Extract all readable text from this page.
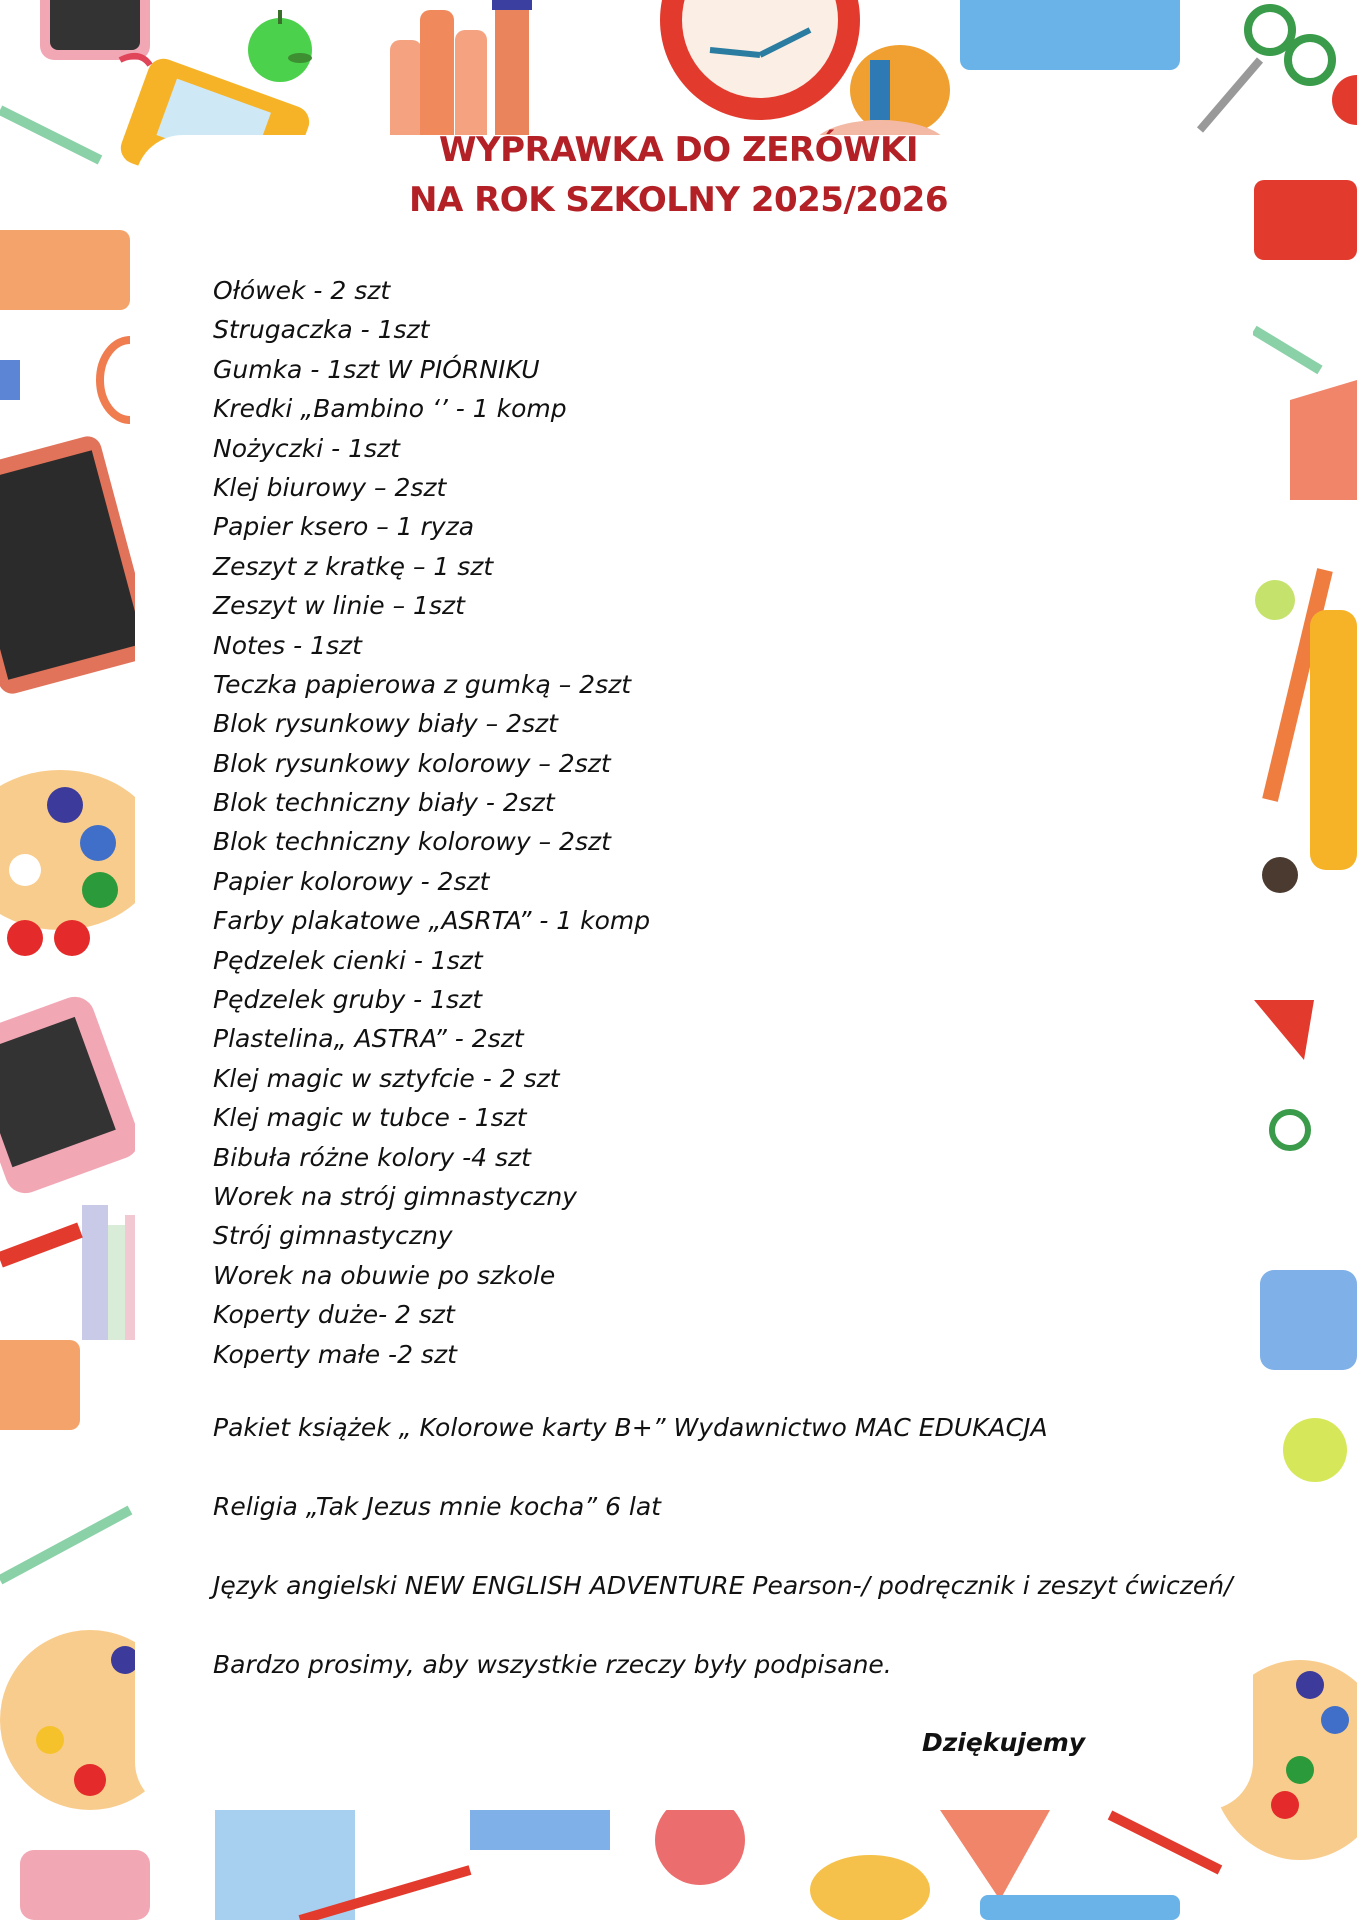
WYPRAWKA DO ZERÓWKI
NA ROK SZKOLNY 2025/2026
Ołówek - 2 szt
Strugaczka - 1szt
Gumka - 1szt W PIÓRNIKU
Kredki „Bambino ‘’ - 1 komp
Nożyczki - 1szt
Klej biurowy – 2szt
Papier ksero – 1 ryza
Zeszyt z kratkę – 1 szt
Zeszyt w linie – 1szt
Notes - 1szt
Teczka papierowa z gumką – 2szt
Blok rysunkowy biały – 2szt
Blok rysunkowy kolorowy – 2szt
Blok techniczny biały - 2szt
Blok techniczny kolorowy – 2szt
Papier kolorowy - 2szt
Farby plakatowe „ASRTA” - 1 komp
Pędzelek cienki - 1szt
Pędzelek gruby - 1szt
Plastelina„ ASTRA” - 2szt
Klej magic w sztyfcie - 2 szt
Klej magic w tubce - 1szt
Bibuła różne kolory -4 szt
Worek na strój gimnastyczny
Strój gimnastyczny
Worek na obuwie po szkole
Koperty duże- 2 szt
Koperty małe -2 szt
Pakiet książek „ Kolorowe karty B+” Wydawnictwo MAC EDUKACJA
Religia „Tak Jezus mnie kocha” 6 lat
Język angielski NEW ENGLISH ADVENTURE Pearson-/ podręcznik i zeszyt ćwiczeń/
Bardzo prosimy, aby wszystkie rzeczy były podpisane.
Dziękujemy
